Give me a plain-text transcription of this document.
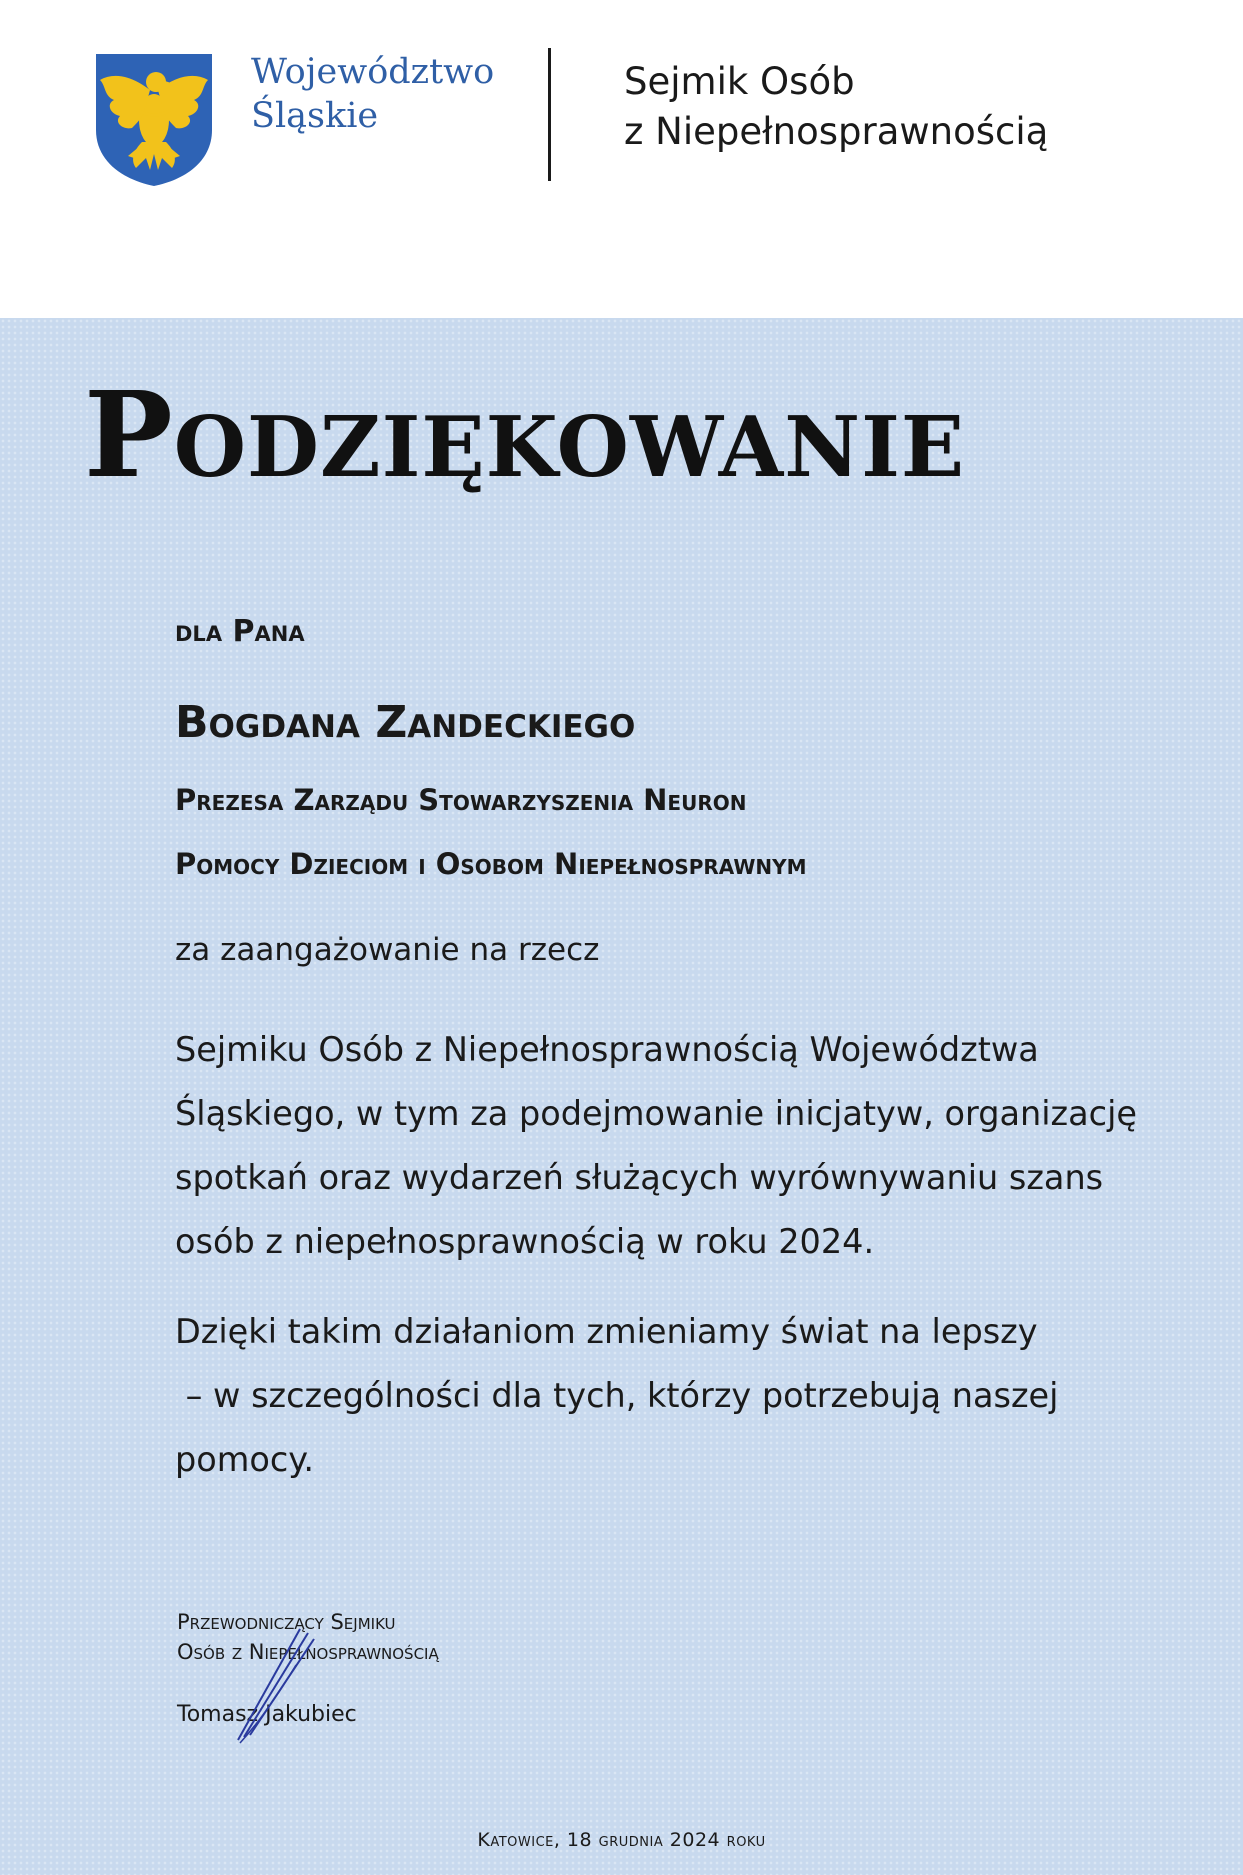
Województwo
Śląskie
Sejmik Osób
z Niepełnosprawnością
Podziękowanie
dla Pana
Bogdana Zandeckiego
Prezesa Zarządu Stowarzyszenia Neuron
Pomocy Dzieciom i Osobom Niepełnosprawnym
za zaangażowanie na rzecz
Sejmiku Osób z Niepełnosprawnością Województwa
Śląskiego, w tym za podejmowanie inicjatyw, organizację
spotkań oraz wydarzeń służących wyrównywaniu szans
osób z niepełnosprawnością w roku 2024.
Dzięki takim działaniom zmieniamy świat na lepszy
– w szczególności dla tych, którzy potrzebują naszej
pomocy.
Przewodniczący Sejmiku
Osób z Niepełnosprawnością
Tomasz Jakubiec
Katowice, 18 grudnia 2024 roku
